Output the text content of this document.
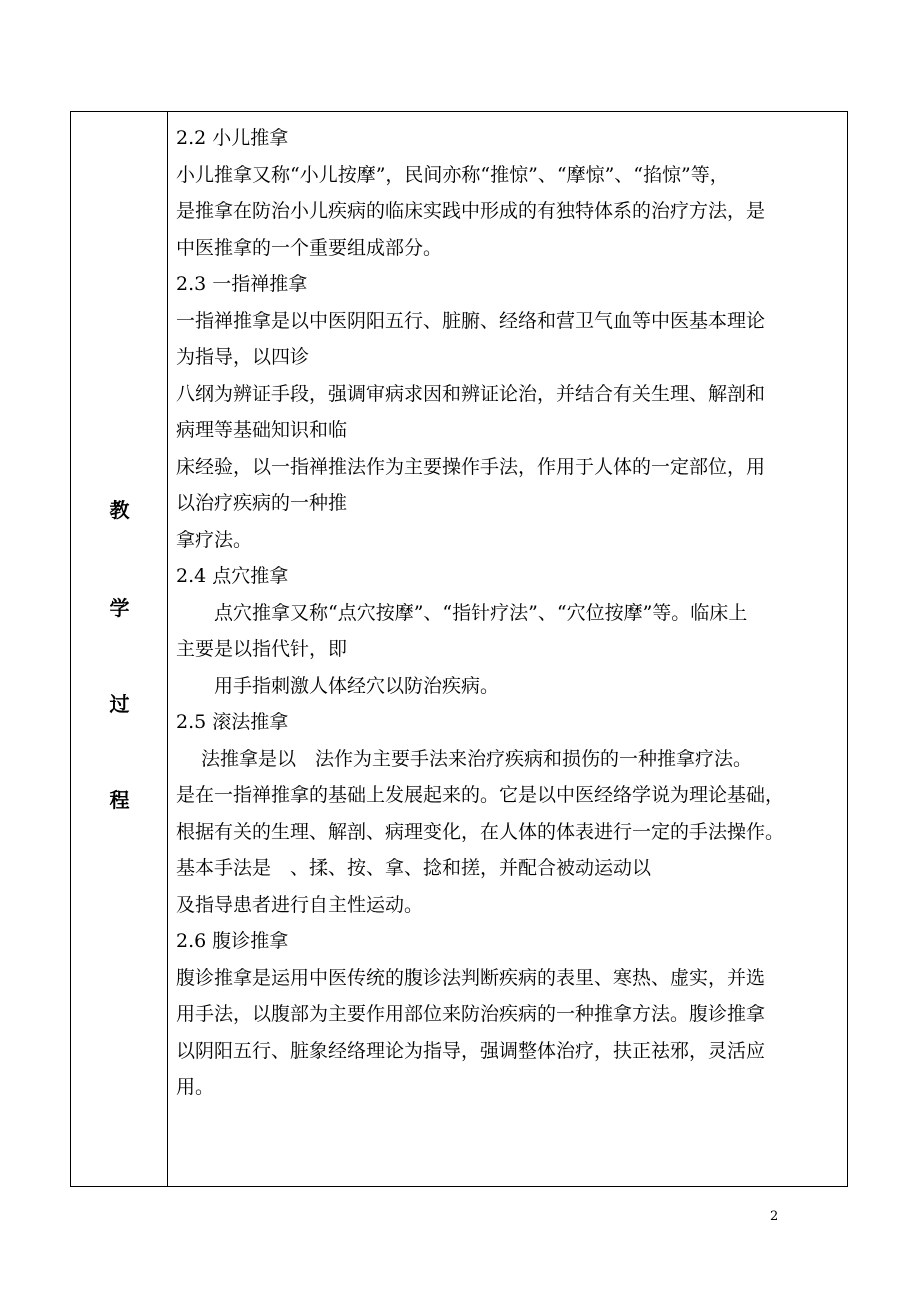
教
学
过
程
2.2 小儿推拿
小儿推拿又称“小儿按摩”，民间亦称“推惊”、“摩惊”、“掐惊”等，
是推拿在防治小儿疾病的临床实践中形成的有独特体系的治疗方法，是
中医推拿的一个重要组成部分。
2.3 一指禅推拿
一指禅推拿是以中医阴阳五行、脏腑、经络和营卫气血等中医基本理论
为指导，以四诊
八纲为辨证手段，强调审病求因和辨证论治，并结合有关生理、解剖和
病理等基础知识和临
床经验，以一指禅推法作为主要操作手法，作用于人体的一定部位，用
以治疗疾病的一种推
拿疗法。
2.4 点穴推拿
　　点穴推拿又称“点穴按摩”、“指针疗法”、“穴位按摩”等。临床上
主要是以指代针，即
　　用手指刺激人体经穴以防治疾病。
2.5 滚法推拿
　 法推拿是以　法作为主要手法来治疗疾病和损伤的一种推拿疗法。
是在一指禅推拿的基础上发展起来的。它是以中医经络学说为理论基础，
根据有关的生理、解剖、病理变化，在人体的体表进行一定的手法操作。
基本手法是　、揉、按、拿、捻和搓，并配合被动运动以
及指导患者进行自主性运动。
2.6 腹诊推拿
腹诊推拿是运用中医传统的腹诊法判断疾病的表里、寒热、虚实，并选
用手法，以腹部为主要作用部位来防治疾病的一种推拿方法。腹诊推拿
以阴阳五行、脏象经络理论为指导，强调整体治疗，扶正祛邪，灵活应
用。
2
